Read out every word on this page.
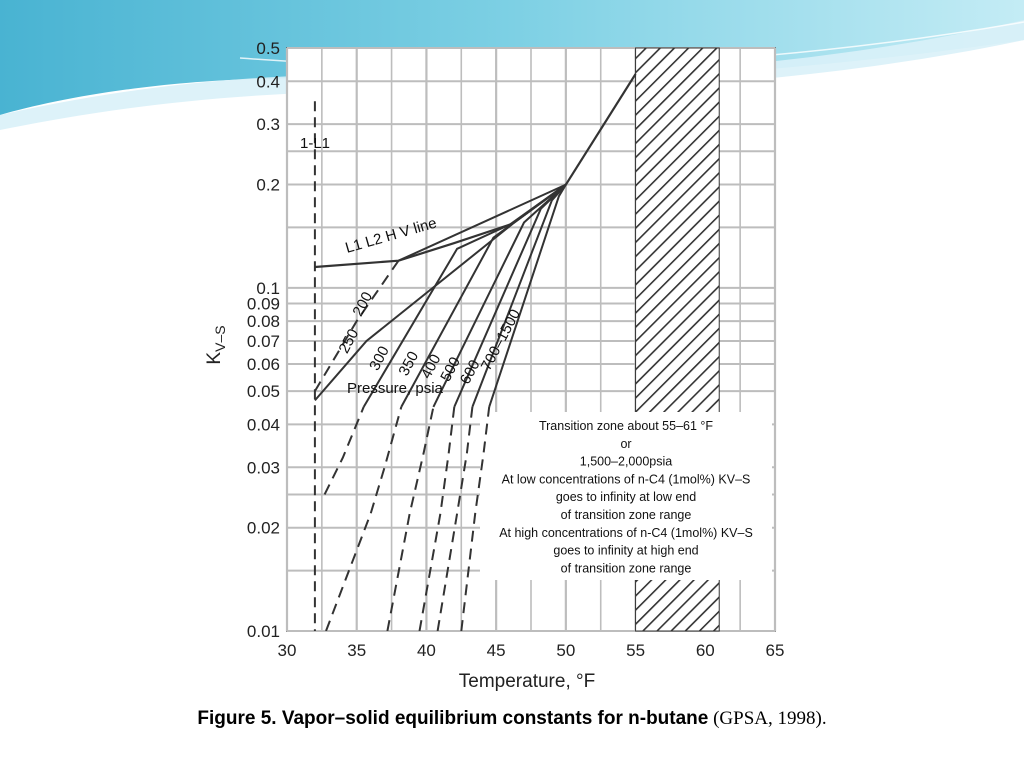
30	35	40	45	50	55	60	65
0.01
0.02
0.03
0.04
0.05
0.06
0.07
0.08
0.09
0.1
0.2
0.3
0.4
0.5
200
250
300 350
400
500
600
700–1500
Temperature, °F
$K_{V-S}$
L1 L2 H V line
1-L1
Pressure, psia
Transition zone about 55–61 °F
or
1,500–2,000psia
At low concentrations of n-C4 (1mol%) KV–S
goes to infinity at low end
of transition zone range
At high concentrations of n-C4 (1mol%) KV–S
goes to infinity at high end
of transition zone range
Figure 5. Vapor–solid equilibrium constants for n-butane (GPSA, 1998).
